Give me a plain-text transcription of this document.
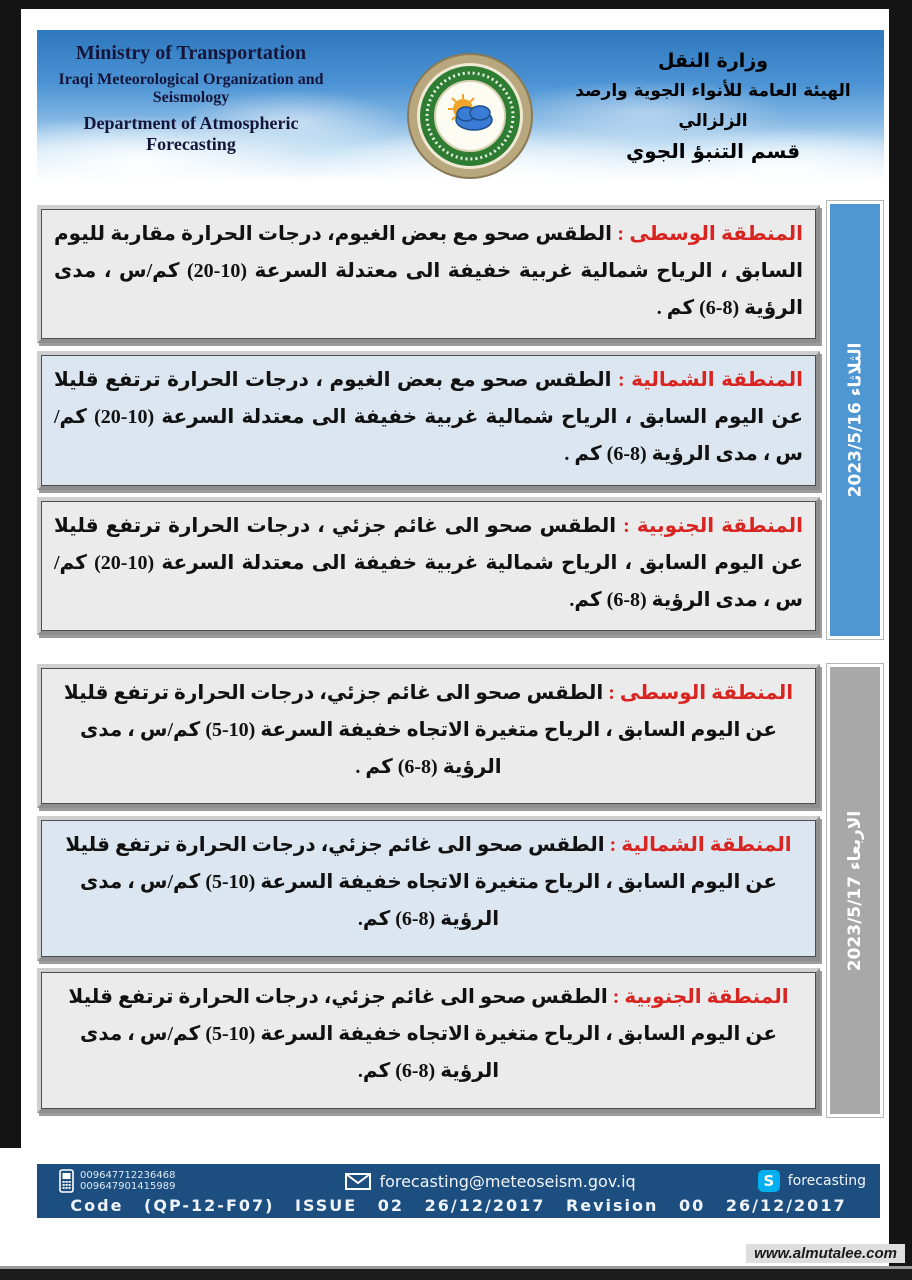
Ministry of Transportation
Iraqi Meteorological Organization and Seismology
Department of Atmospheric Forecasting
وزارة النقل
الهيئة العامة للأنواء الجوية وارصد الزلزالي
قسم التنبؤ الجوي
المنطقة الوسطى : الطقس صحو مع بعض الغيوم، درجات الحرارة مقاربة لليوم السابق ، الرياح شمالية غربية خفيفة الى معتدلة السرعة (10-20) كم/س ، مدى الرؤية (8-6) كم .
المنطقة الشمالية : الطقس صحو مع بعض الغيوم ، درجات الحرارة ترتفع قليلا عن اليوم السابق ، الرياح شمالية غربية خفيفة الى معتدلة السرعة (10-20) كم/س ، مدى الرؤية (8-6) كم .
المنطقة الجنوبية : الطقس صحو الى غائم جزئي ، درجات الحرارة ترتفع قليلا عن اليوم السابق ، الرياح شمالية غربية خفيفة الى معتدلة السرعة (10-20) كم/س ، مدى الرؤية (8-6) كم.
الثلاثاء 2023/5/16
المنطقة الوسطى : الطقس صحو الى غائم جزئي، درجات الحرارة ترتفع قليلا عن اليوم السابق ، الرياح متغيرة الاتجاه خفيفة السرعة (10-5) كم/س ، مدى الرؤية (8-6) كم .
المنطقة الشمالية : الطقس صحو الى غائم جزئي، درجات الحرارة ترتفع قليلا عن اليوم السابق ، الرياح متغيرة الاتجاه خفيفة السرعة (10-5) كم/س ، مدى الرؤية (8-6) كم.
المنطقة الجنوبية : الطقس صحو الى غائم جزئي، درجات الحرارة ترتفع قليلا عن اليوم السابق ، الرياح متغيرة الاتجاه خفيفة السرعة (10-5) كم/س ، مدى الرؤية (8-6) كم.
الاربعاء 2023/5/17
009647712236468
009647901415989	forecasting@meteoseism.gov.iq	S forecasting
Code (QP-12-F07) ISSUE 02 26/12/2017 Revision 00 26/12/2017
www.almutalee.com
